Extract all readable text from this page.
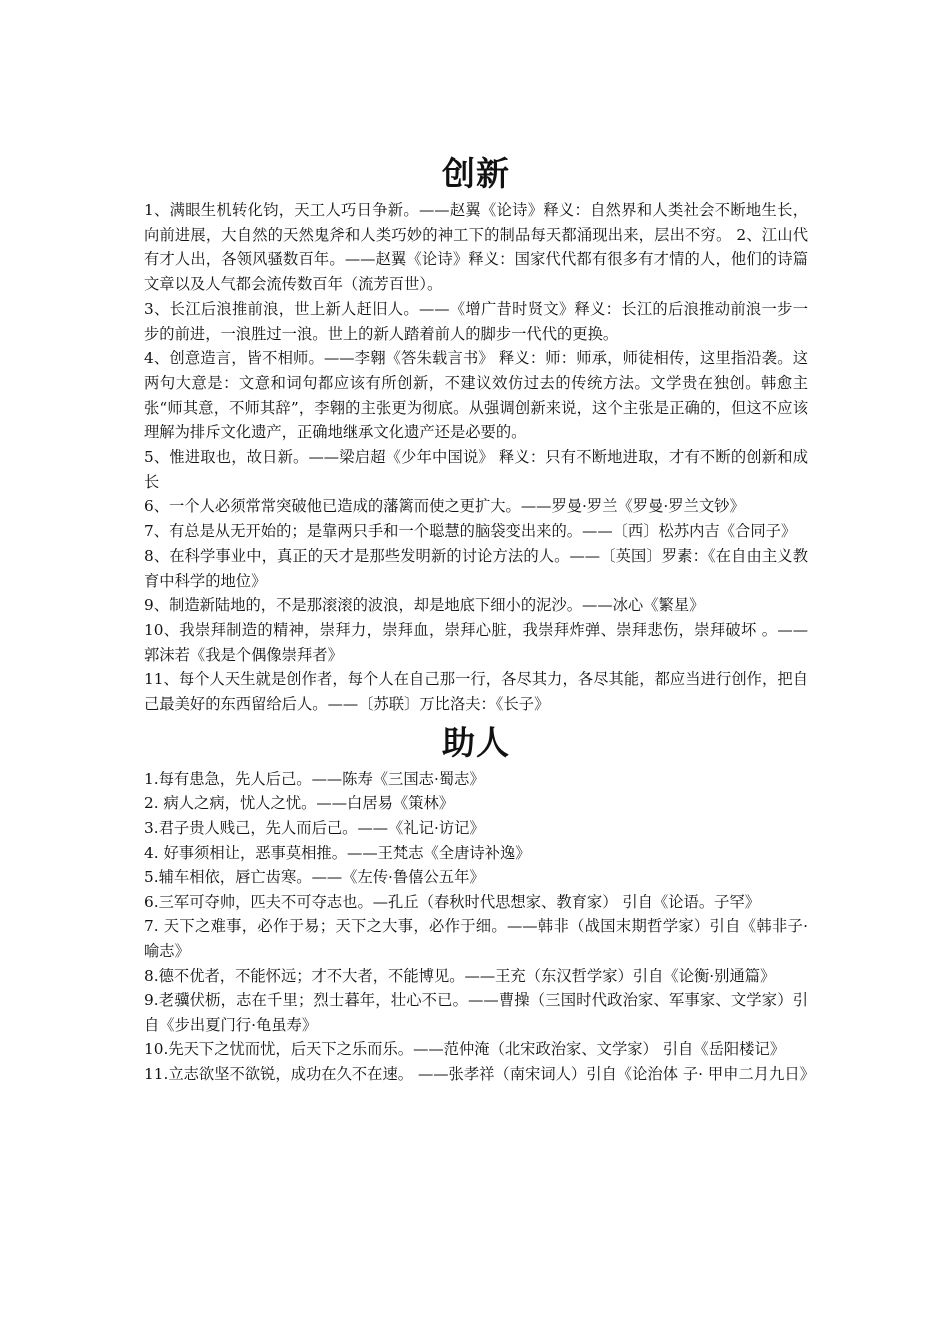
创新
1、满眼生机转化钧，天工人巧日争新。——赵翼《论诗》释义：自然界和人类社会不断地生长，向前进展，大自然的天然鬼斧和人类巧妙的神工下的制品每天都涌现出来，层出不穷。 2、江山代有才人出，各领风骚数百年。——赵翼《论诗》释义：国家代代都有很多有才情的人，他们的诗篇文章以及人气都会流传数百年（流芳百世）。
3、长江后浪推前浪，世上新人赶旧人。——《增广昔时贤文》释义：长江的后浪推动前浪一步一步的前进，一浪胜过一浪。世上的新人踏着前人的脚步一代代的更换。
4、创意造言，皆不相师。——李翱《答朱载言书》 释义：师：师承，师徒相传，这里指沿袭。这两句大意是：文意和词句都应该有所创新，不建议效仿过去的传统方法。文学贵在独创。韩愈主张“师其意，不师其辞”，李翱的主张更为彻底。从强调创新来说，这个主张是正确的，但这不应该理解为排斥文化遗产，正确地继承文化遗产还是必要的。
5、惟进取也，故日新。——梁启超《少年中国说》 释义：只有不断地进取，才有不断的创新和成长
6、一个人必须常常突破他已造成的藩篱而使之更扩大。——罗曼·罗兰《罗曼·罗兰文钞》
7、有总是从无开始的；是靠两只手和一个聪慧的脑袋变出来的。——〔西〕松苏内吉《合同子》
8、在科学事业中，真正的天才是那些发明新的讨论方法的人。——〔英国〕罗素：《在自由主义教育中科学的地位》
9、制造新陆地的，不是那滚滚的波浪，却是地底下细小的泥沙。——冰心《繁星》
10、我崇拜制造的精神，崇拜力，崇拜血，崇拜心脏，我崇拜炸弹、崇拜悲伤，崇拜破坏 。——郭沫若《我是个偶像崇拜者》
11、每个人天生就是创作者，每个人在自己那一行，各尽其力，各尽其能，都应当进行创作，把自己最美好的东西留给后人。——〔苏联〕万比洛夫：《长子》
助人
1.每有患急，先人后己。——陈寿《三国志·蜀志》
2. 病人之病，忧人之忧。——白居易《策林》
3.君子贵人贱己，先人而后己。——《礼记·访记》
4. 好事须相让，恶事莫相推。——王梵志《全唐诗补逸》
5.辅车相依，唇亡齿寒。——《左传·鲁僖公五年》
6.三军可夺帅，匹夫不可夺志也。—孔丘（春秋时代思想家、教育家） 引自《论语。子罕》
7. 天下之难事，必作于易；天下之大事，必作于细。——韩非（战国末期哲学家）引自《韩非子·喻志》
8.德不优者，不能怀远；才不大者，不能博见。——王充（东汉哲学家）引自《论衡·别通篇》
9.老骥伏枥，志在千里；烈士暮年，壮心不已。——曹操（三国时代政治家、军事家、文学家）引自《步出夏门行·龟虽寿》
10.先天下之忧而忧，后天下之乐而乐。——范仲淹（北宋政治家、文学家） 引自《岳阳楼记》
11.立志欲坚不欲锐，成功在久不在速。 ——张孝祥（南宋词人）引自《论治体 子· 甲申二月九日》
